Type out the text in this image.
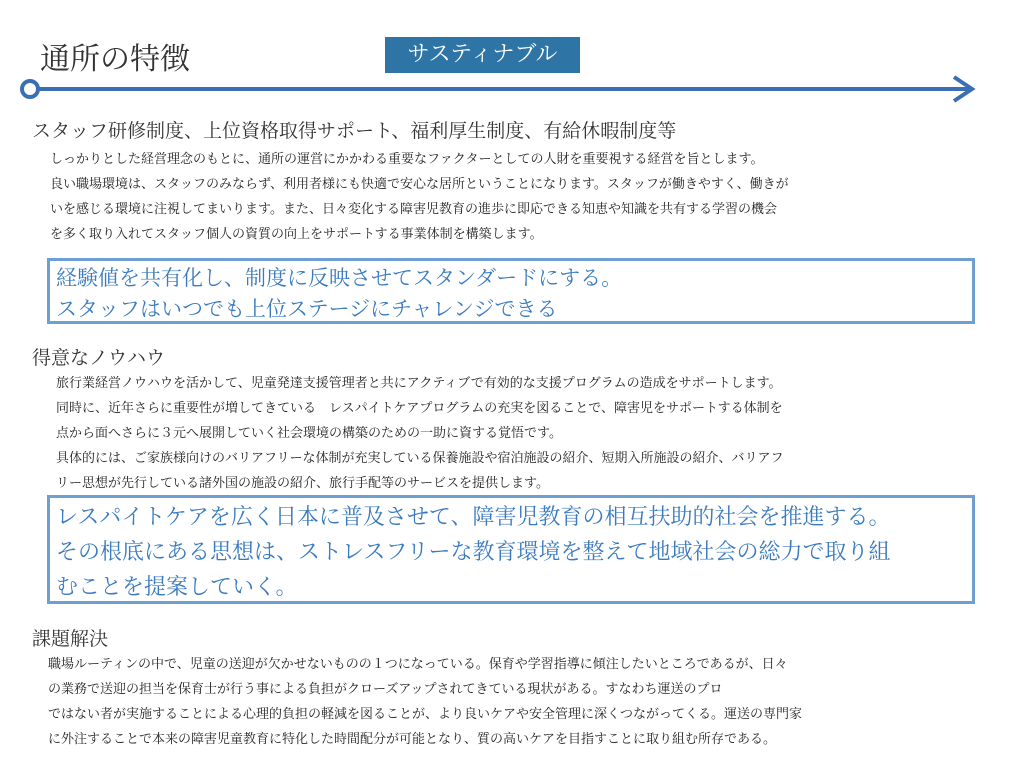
通所の特徴	サスティナブル
スタッフ研修制度、上位資格取得サポート、福利厚生制度、有給休暇制度等
しっかりとした経営理念のもとに、通所の運営にかかわる重要なファクターとしての人財を重要視する経営を旨とします。
良い職場環境は、スタッフのみならず、利用者様にも快適で安心な居所ということになります。スタッフが働きやすく、働きが
いを感じる環境に注視してまいります。また、日々変化する障害児教育の進歩に即応できる知恵や知識を共有する学習の機会
を多く取り入れてスタッフ個人の資質の向上をサポートする事業体制を構築します。
経験値を共有化し、制度に反映させてスタンダードにする。
スタッフはいつでも上位ステージにチャレンジできる
得意なノウハウ
旅行業経営ノウハウを活かして、児童発達支援管理者と共にアクティブで有効的な支援プログラムの造成をサポートします。
同時に、近年さらに重要性が増してきている　レスパイトケアプログラムの充実を図ることで、障害児をサポートする体制を
点から面へさらに３元へ展開していく社会環境の構築のための一助に資する覚悟です。
具体的には、ご家族様向けのバリアフリーな体制が充実している保養施設や宿泊施設の紹介、短期入所施設の紹介、バリアフ
リー思想が先行している諸外国の施設の紹介、旅行手配等のサービスを提供します。
レスパイトケアを広く日本に普及させて、障害児教育の相互扶助的社会を推進する。
その根底にある思想は、ストレスフリーな教育環境を整えて地域社会の総力で取り組
むことを提案していく。
課題解決
職場ルーティンの中で、児童の送迎が欠かせないものの１つになっている。保育や学習指導に傾注したいところであるが、日々
の業務で送迎の担当を保育士が行う事による負担がクローズアップされてきている現状がある。すなわち運送のプロ
ではない者が実施することによる心理的負担の軽減を図ることが、より良いケアや安全管理に深くつながってくる。運送の専門家
に外注することで本来の障害児童教育に特化した時間配分が可能となり、質の高いケアを目指すことに取り組む所存である。
